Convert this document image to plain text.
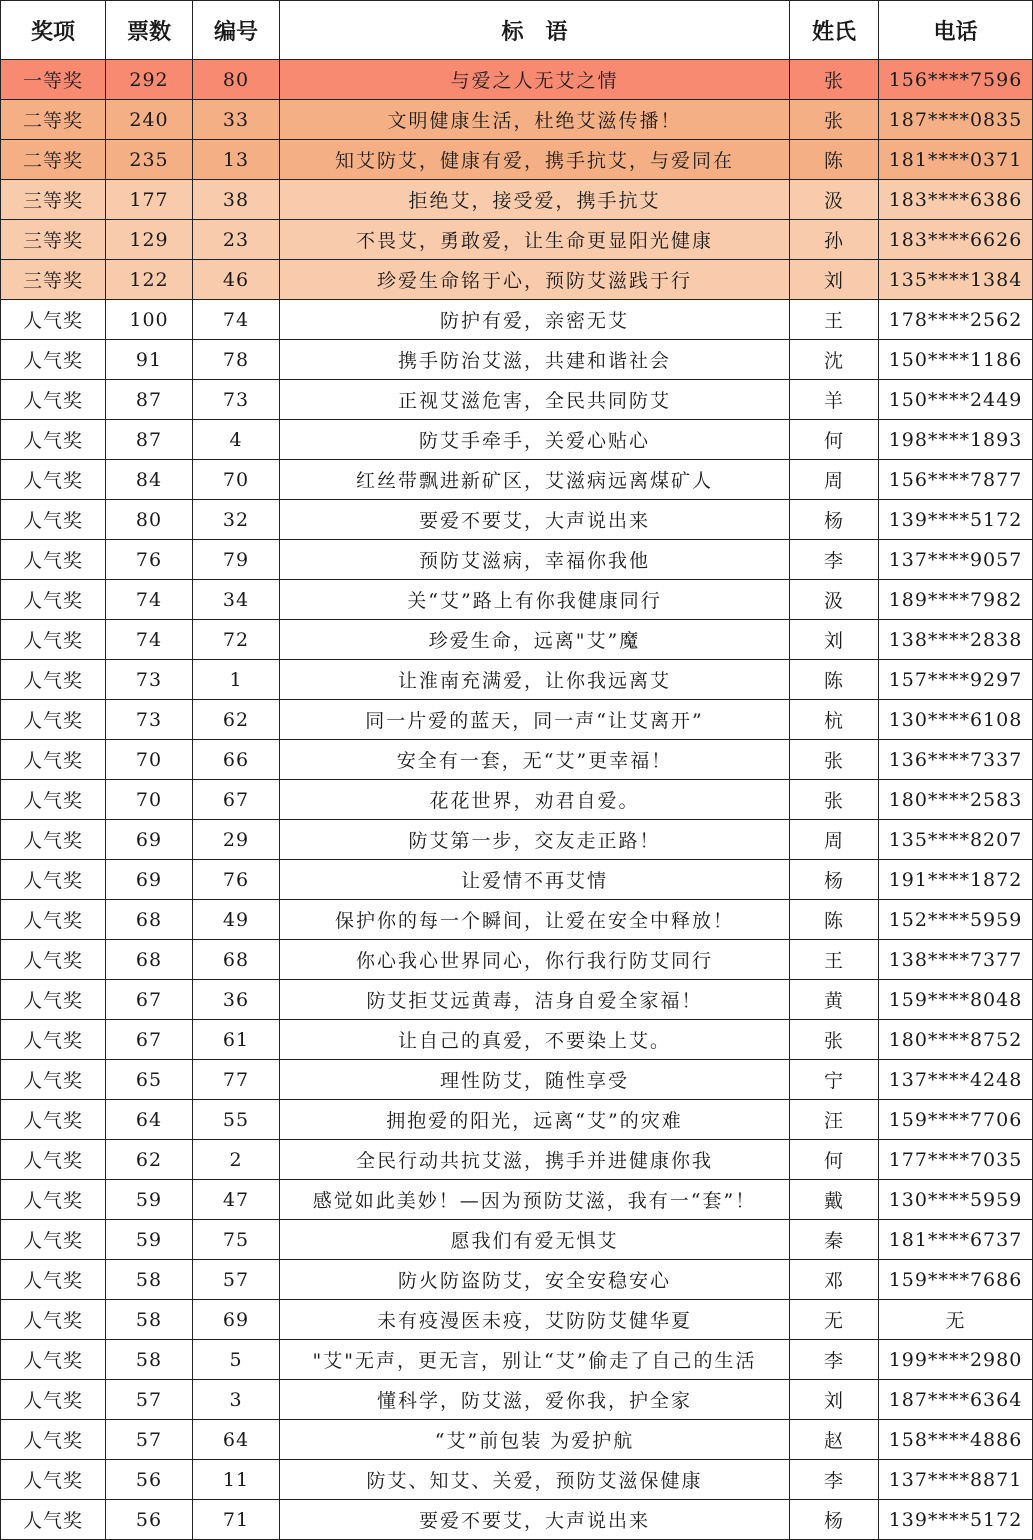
奖项	票数	编号	标　语	姓氏	电话
一等奖	292	80	与爱之人无艾之情	张	156****7596
二等奖	240	33	文明健康生活，杜绝艾滋传播！	张	187****0835
二等奖	235	13	知艾防艾，健康有爱，携手抗艾，与爱同在	陈	181****0371
三等奖	177	38	拒绝艾，接受爱，携手抗艾	汲	183****6386
三等奖	129	23	不畏艾，勇敢爱，让生命更显阳光健康	孙	183****6626
三等奖	122	46	珍爱生命铭于心，预防艾滋践于行	刘	135****1384
人气奖	100	74	防护有爱，亲密无艾	王	178****2562
人气奖	91	78	携手防治艾滋，共建和谐社会	沈	150****1186
人气奖	87	73	正视艾滋危害，全民共同防艾	羊	150****2449
人气奖	87	4	防艾手牵手，关爱心贴心	何	198****1893
人气奖	84	70	红丝带飘进新矿区，艾滋病远离煤矿人	周	156****7877
人气奖	80	32	要爱不要艾，大声说出来	杨	139****5172
人气奖	76	79	预防艾滋病，幸福你我他	李	137****9057
人气奖	74	34	关“艾”路上有你我健康同行	汲	189****7982
人气奖	74	72	珍爱生命，远离"艾”魔	刘	138****2838
人气奖	73	1	让淮南充满爱，让你我远离艾	陈	157****9297
人气奖	73	62	同一片爱的蓝天，同一声“让艾离开”	杭	130****6108
人气奖	70	66	安全有一套，无“艾”更幸福！	张	136****7337
人气奖	70	67	花花世界，劝君自爱。	张	180****2583
人气奖	69	29	防艾第一步，交友走正路！	周	135****8207
人气奖	69	76	让爱情不再艾情	杨	191****1872
人气奖	68	49	保护你的每一个瞬间，让爱在安全中释放！	陈	152****5959
人气奖	68	68	你心我心世界同心，你行我行防艾同行	王	138****7377
人气奖	67	36	防艾拒艾远黄毒，洁身自爱全家福！	黄	159****8048
人气奖	67	61	让自己的真爱，不要染上艾。	张	180****8752
人气奖	65	77	理性防艾，随性享受	宁	137****4248
人气奖	64	55	拥抱爱的阳光，远离“艾”的灾难	汪	159****7706
人气奖	62	2	全民行动共抗艾滋，携手并进健康你我	何	177****7035
人气奖	59	47	感觉如此美妙！—因为预防艾滋，我有一“套”！	戴	130****5959
人气奖	59	75	愿我们有爱无惧艾	秦	181****6737
人气奖	58	57	防火防盗防艾，安全安稳安心	邓	159****7686
人气奖	58	69	未有疫漫医未疫，艾防防艾健华夏	无	无
人气奖	58	5	"艾"无声，更无言，别让“艾”偷走了自己的生活	李	199****2980
人气奖	57	3	懂科学，防艾滋，爱你我，护全家	刘	187****6364
人气奖	57	64	“艾”前包装 为爱护航	赵	158****4886
人气奖	56	11	防艾、知艾、关爱，预防艾滋保健康	李	137****8871
人气奖	56	71	要爱不要艾，大声说出来	杨	139****5172
